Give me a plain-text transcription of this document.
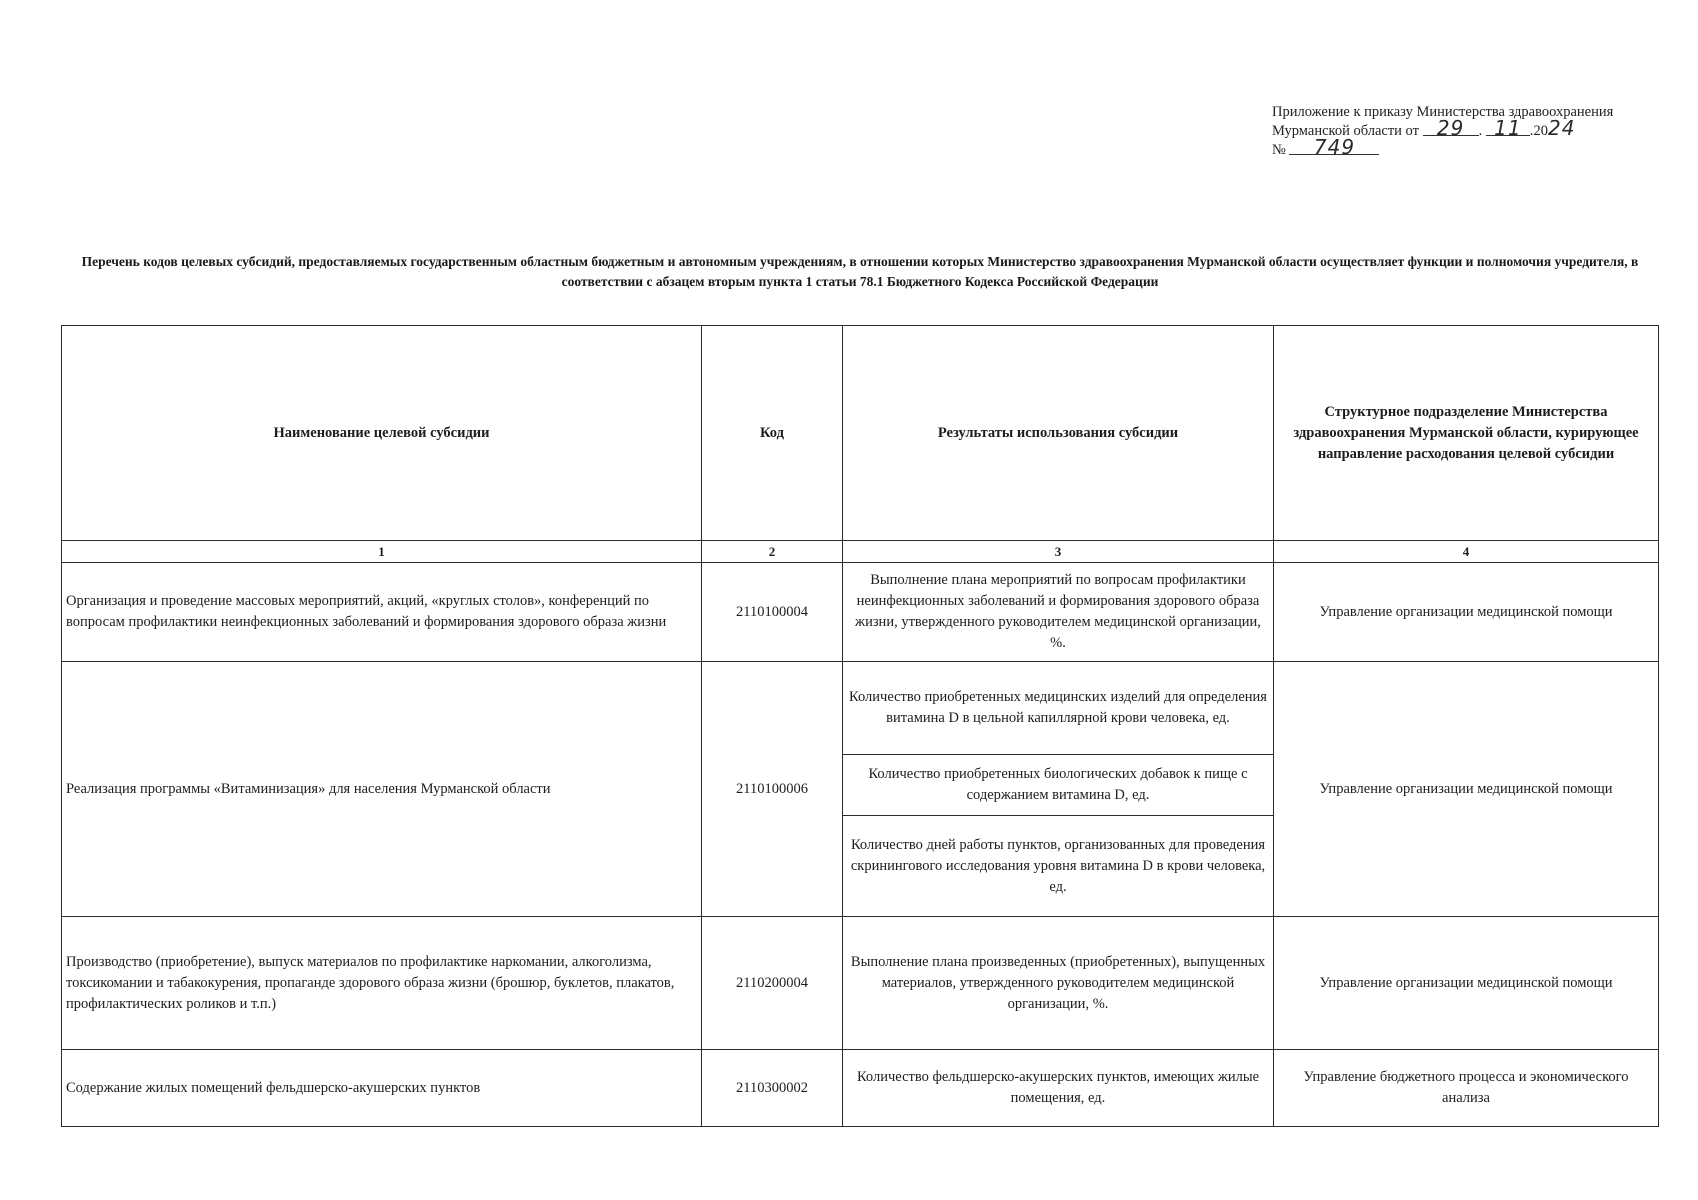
Приложение к приказу Министерства здравоохранения
Мурманской области от 29 . 11 .2024
№ 749
Перечень кодов целевых субсидий, предоставляемых государственным областным бюджетным и автономным учреждениям, в отношении которых Министерство здравоохранения Мурманской области осуществляет функции и полномочия учредителя, в соответствии с абзацем вторым пункта 1 статьи 78.1 Бюджетного Кодекса Российской Федерации
Наименование целевой субсидии	Код	Результаты использования субсидии	Структурное подразделение Министерства здравоохранения Мурманской области, курирующее направление расходования целевой субсидии
1	2	3	4
Организация и проведение массовых мероприятий, акций, «круглых столов», конференций по вопросам профилактики неинфекционных заболеваний и формирования здорового образа жизни	2110100004	Выполнение плана мероприятий по вопросам профилактики неинфекционных заболеваний и формирования здорового образа жизни, утвержденного руководителем медицинской организации, %.	Управление организации медицинской помощи
Реализация программы «Витаминизация» для населения Мурманской области	2110100006	Количество приобретенных медицинских изделий для определения витамина D в цельной капиллярной крови человека, ед.	Управление организации медицинской помощи
		Количество приобретенных биологических добавок к пище с содержанием витамина D, ед.	
		Количество дней работы пунктов, организованных для проведения скринингового исследования уровня витамина D в крови человека, ед.	
Производство (приобретение), выпуск материалов по профилактике наркомании, алкоголизма, токсикомании и табакокурения, пропаганде здорового образа жизни (брошюр, буклетов, плакатов, профилактических роликов и т.п.)	2110200004	Выполнение плана произведенных (приобретенных), выпущенных материалов, утвержденного руководителем медицинской организации, %.	Управление организации медицинской помощи
Содержание жилых помещений фельдшерско-акушерских пунктов	2110300002	Количество фельдшерско-акушерских пунктов, имеющих жилые помещения, ед.	Управление бюджетного процесса и экономического анализа
